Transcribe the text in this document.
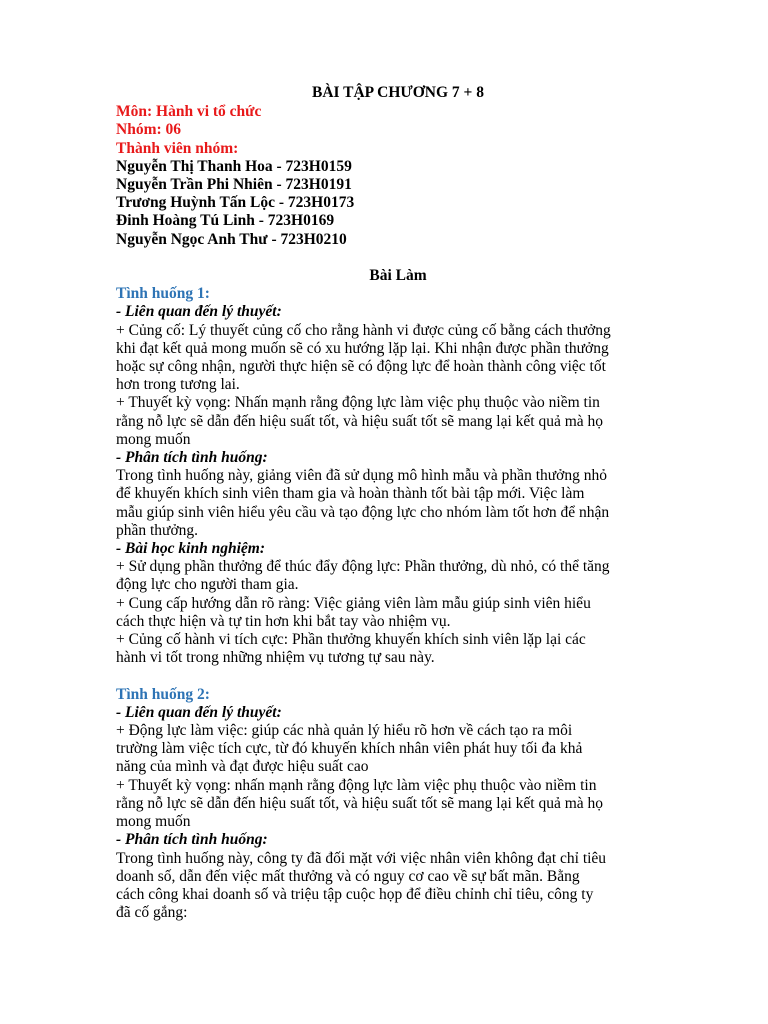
BÀI TẬP CHƯƠNG 7 + 8
Môn: Hành vi tổ chức
Nhóm: 06
Thành viên nhóm:
Nguyễn Thị Thanh Hoa - 723H0159
Nguyễn Trần Phi Nhiên - 723H0191
Trương Huỳnh Tấn Lộc - 723H0173
Đinh Hoàng Tú Linh - 723H0169
Nguyễn Ngọc Anh Thư - 723H0210
Bài Làm
Tình huống 1:
- Liên quan đến lý thuyết:
+ Củng cố: Lý thuyết củng cố cho rằng hành vi được củng cố bằng cách thưởng
khi đạt kết quả mong muốn sẽ có xu hướng lặp lại. Khi nhận được phần thưởng
hoặc sự công nhận, người thực hiện sẽ có động lực để hoàn thành công việc tốt
hơn trong tương lai.
+ Thuyết kỳ vọng: Nhấn mạnh rằng động lực làm việc phụ thuộc vào niềm tin
rằng nỗ lực sẽ dẫn đến hiệu suất tốt, và hiệu suất tốt sẽ mang lại kết quả mà họ
mong muốn
- Phân tích tình huống:
Trong tình huống này, giảng viên đã sử dụng mô hình mẫu và phần thưởng nhỏ
để khuyến khích sinh viên tham gia và hoàn thành tốt bài tập mới. Việc làm
mẫu giúp sinh viên hiểu yêu cầu và tạo động lực cho nhóm làm tốt hơn để nhận
phần thưởng.
- Bài học kinh nghiệm:
+ Sử dụng phần thưởng để thúc đẩy động lực: Phần thưởng, dù nhỏ, có thể tăng
động lực cho người tham gia.
+ Cung cấp hướng dẫn rõ ràng: Việc giảng viên làm mẫu giúp sinh viên hiểu
cách thực hiện và tự tin hơn khi bắt tay vào nhiệm vụ.
+ Củng cố hành vi tích cực: Phần thưởng khuyến khích sinh viên lặp lại các
hành vi tốt trong những nhiệm vụ tương tự sau này.
Tình huống 2:
- Liên quan đến lý thuyết:
+ Động lực làm việc: giúp các nhà quản lý hiểu rõ hơn về cách tạo ra môi
trường làm việc tích cực, từ đó khuyến khích nhân viên phát huy tối đa khả
năng của mình và đạt được hiệu suất cao
+ Thuyết kỳ vọng: nhấn mạnh rằng động lực làm việc phụ thuộc vào niềm tin
rằng nỗ lực sẽ dẫn đến hiệu suất tốt, và hiệu suất tốt sẽ mang lại kết quả mà họ
mong muốn
- Phân tích tình huống:
Trong tình huống này, công ty đã đối mặt với việc nhân viên không đạt chỉ tiêu
doanh số, dẫn đến việc mất thưởng và có nguy cơ cao về sự bất mãn. Bằng
cách công khai doanh số và triệu tập cuộc họp để điều chỉnh chỉ tiêu, công ty
đã cố gắng:
